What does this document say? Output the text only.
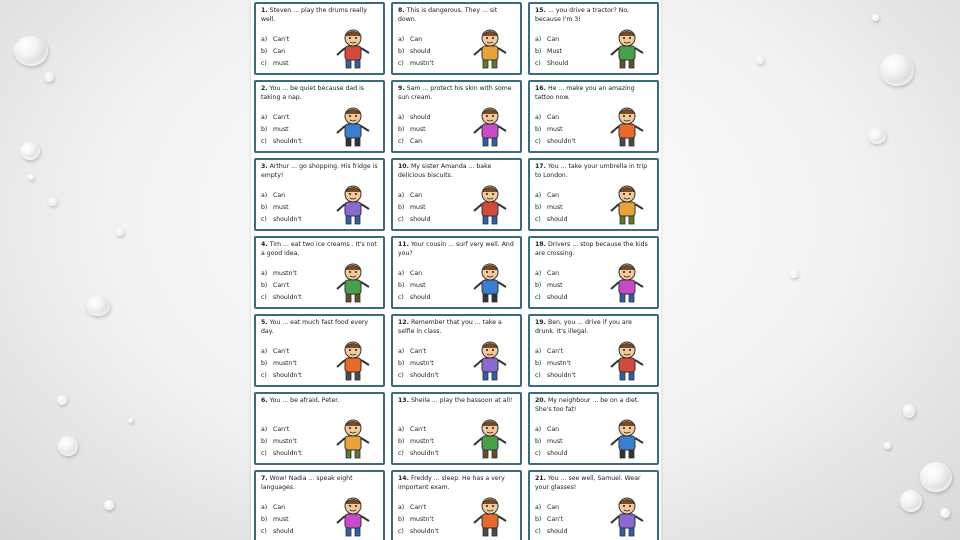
1. Steven ... play the drums really well.
a) Can't
b) Can
c) must
8. This is dangerous. They ... sit down.
a) Can
b) should
c) mustn't
15. ... you drive a tractor? No, because I'm 3!
a) Can
b) Must
c) Should
2. You ... be quiet because dad is taking a nap.
a) Can't
b) must
c) shouldn't
9. Sam ... protect his skin with some sun cream.
a) should
b) must
c) Can
16. He ... make you an amazing tattoo now.
a) Can
b) must
c) shouldn't
3. Arthur ... go shopping. His fridge is empty!
a) Can
b) must
c) shouldn't
10. My sister Amanda ... bake delicious biscuits.
a) Can
b) must
c) should
17. You ... take your umbrella in trip to London.
a) Can
b) must
c) should
4. Tim ... eat two ice creams . It's not a good idea.
a) mustn't
b) Can't
c) shouldn't
11. Your cousin ... surf very well. And you?
a) Can
b) must
c) should
18. Drivers ... stop because the kids are crossing.
a) Can
b) must
c) should
5. You ... eat much fast food every day.
a) Can't
b) mustn't
c) shouldn't
12. Remember that you ... take a selfie in class.
a) Can't
b) mustn't
c) shouldn't
19. Ben, you ... drive if you are drunk. It's illegal.
a) Can't
b) mustn't
c) shouldn't
6. You ... be afraid, Peter.
a) Can't
b) mustn't
c) shouldn't
13. Sheila ... play the bassoon at all!
a) Can't
b) mustn't
c) shouldn't
20. My neighbour ... be on a diet. She's too fat!
a) Can
b) must
c) should
7. Wow! Nadia ... speak eight languages.
a) Can
b) must
c) should
14. Freddy ... sleep. He has a very important exam.
a) Can't
b) mustn't
c) shouldn't
21. You ... see well, Samuel. Wear your glasses!
a) Can
b) Can't
c) should
